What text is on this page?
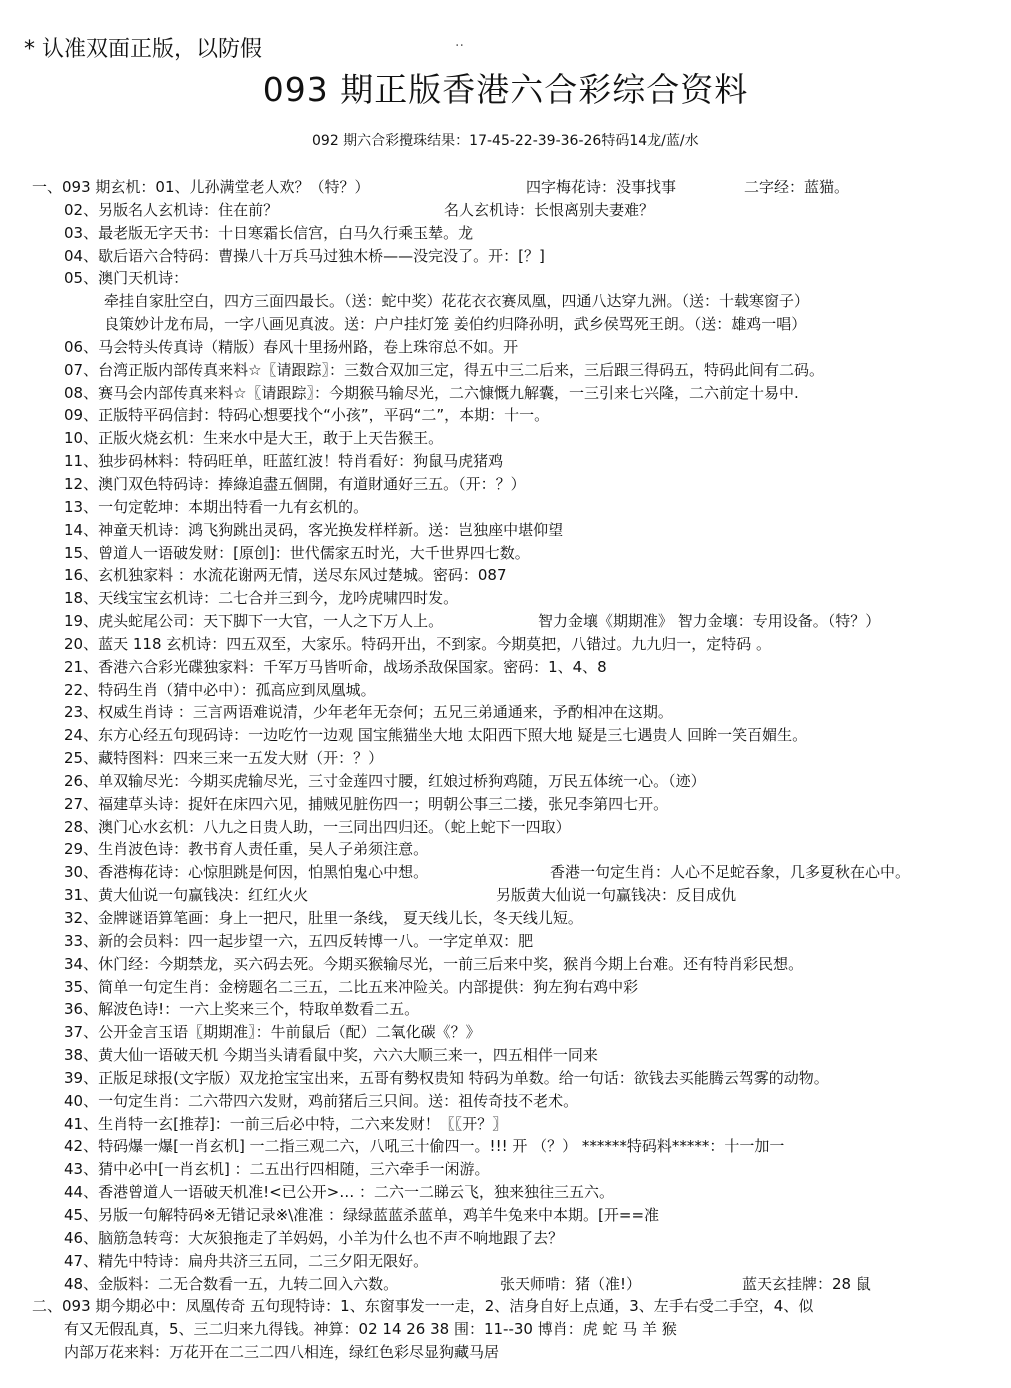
* 认准双面正版，以防假	··
093 期正版香港六合彩综合资料
092 期六合彩攪珠结果：17-45-22-39-36-26特码14龙/蓝/水
一、093 期玄机：01、儿孙满堂老人欢？（特？）	四字梅花诗：没事找事	二字经：蓝猫。
02、另版名人玄机诗：住在前？	名人玄机诗：长恨离别夫妻难？
03、最老版无字天书：十日寒霜长信宫，白马久行乘玉辇。龙
04、歇后语六合特码：曹操八十万兵马过独木桥——没完没了。开：[？]
05、澳门天机诗：
牵挂自家肚空白，四方三面四最长。（送：蛇中奖）花花衣衣赛凤凰，四通八达穿九洲。（送：十载寒窗子）
良策妙计龙布局，一字八画见真波。送：户户挂灯笼 姜伯约归降孙明，武乡侯骂死王朗。（送：雄鸡一唱）
06、马会特头传真诗（精版）春风十里扬州路，卷上珠帘总不如。开
07、台湾正版内部传真来料☆〖请跟踪〗：三数合双加三定，得五中三二后来，三后跟三得码五，特码此间有二码。
08、赛马会内部传真来料☆〖请跟踪〗：今期猴马输尽光，二六慷慨九解囊，一三引来七兴隆，二六前定十易中.
09、正版特平码信封：特码心想要找个“小孩”，平码“二”，本期：十一。
10、正版火烧玄机：生来水中是大王，敢于上天告猴王。
11、独步码林料：特码旺单，旺蓝红波！特肖看好：狗鼠马虎猪鸡
12、澳门双色特码诗：捧綠追盡五個開，有道財通好三五。（开：？）
13、一句定乾坤：本期出特看一九有玄机的。
14、神童天机诗：鸿飞狗跳出灵码，客光换发样样新。送：岂独座中堪仰望
15、曾道人一语破发财：[原创]：世代儒家五时光，大千世界四七数。
16、玄机独家料 ：水流花谢两无情，送尽东风过楚城。密码：087
18、天线宝宝玄机诗：二七合并三到今，龙吟虎啸四时发。
19、虎头蛇尾公司：天下脚下一大官，一人之下万人上。	智力金壤《期期准》 智力金壤：专用设备。（特？）
20、蓝天 118 玄机诗：四五双至，大家乐。特码开出，不到家。今期莫把，八错过。九九归一，定特码 。
21、香港六合彩光碟独家料：千军万马皆听命，战场杀敌保国家。密码：1、4、8
22、特码生肖（猜中必中）：孤高应到凤凰城。
23、权威生肖诗 ：三言两语难说清，少年老年无奈何；五兄三弟通通来，予酌相冲在这期。
24、东方心经五句现码诗：一边吃竹一边观 国宝熊猫坐大地 太阳西下照大地 疑是三七遇贵人 回眸一笑百媚生。
25、藏特图料：四来三来一五发大财（开：？）
26、单双输尽光：今期买虎输尽光，三寸金莲四寸腰，红娘过桥狗鸡随，万民五体统一心。（迹）
27、福建草头诗：捉奸在床四六见，捕贼见脏伤四一；明朝公事三二搂，张兄李第四七开。
28、澳门心水玄机：八九之日贵人助，一三同出四归还。（蛇上蛇下一四取）
29、生肖波色诗：教书育人责任重，吴人子弟须注意。
30、香港梅花诗：心惊胆跳是何因，怕黑怕鬼心中想。	香港一句定生肖：人心不足蛇吞象，几多夏秋在心中。
31、黄大仙说一句赢钱决：红红火火	另版黄大仙说一句赢钱决：反目成仇
32、金牌谜语算笔画：身上一把尺，肚里一条线， 夏天线儿长，冬天线儿短。
33、新的会员料：四一起步望一六，五四反转博一八。一字定单双：肥
34、休门经：今期禁龙，买六码去死。今期买猴输尽光，一前三后来中奖，猴肖今期上台难。还有特肖彩民想。
35、简单一句定生肖：金榜题名二三五，二比五来冲险关。内部提供：狗左狗右鸡中彩
36、解波色诗!：一六上奖来三个，特取单数看二五。
37、公开金言玉语〖期期准〗：牛前鼠后（配）二氧化碳《？》
38、黄大仙一语破天机 今期当头请看鼠中奖，六六大顺三来一，四五相伴一同来
39、正版足球报(文字版）双龙抢宝宝出来，五哥有勢权贵知 特码为单数。给一句话：欲钱去买能腾云驾雾的动物。
40、一句定生肖：二六带四六发财，鸡前猪后三只间。送：祖传奇技不老术。
41、生肖特一玄[推荐]：一前三后必中特，二六来发财！〖〖开？〗
42、特码爆一爆[一肖玄机] 一二指三观二六，八吼三十偷四一。!!! 开 （？） ******特码料*****：十一加一
43、猜中必中[一肖玄机] ：二五出行四相随，三六牵手一闲游。
44、香港曾道人一语破天机准!<已公开>… ：二六一二睇云飞，独来独往三五六。
45、另版一句解特码※无错记录※\准准 ：绿绿蓝蓝杀蓝单，鸡羊牛兔来中本期。[开==准
46、脑筋急转弯：大灰狼拖走了羊妈妈，小羊为什么也不声不响地跟了去？
47、精先中特诗：扁舟共济三五同，二三夕阳无限好。
48、金版料：二无合数看一五，九转二回入六数。	张天师啃：猪（准!）	蓝天玄挂牌：28 鼠
二、093 期今期必中：凤凰传奇 五句现特诗：1、东窗事发一一走，2、洁身自好上点通，3、左手右受二手空，4、似
有又无假乱真，5、三二归来九得钱。神算：02 14 26 38 围：11--30 博肖：虎 蛇 马 羊 猴
内部万花来料：万花开在二三二四八相连，绿红色彩尽显狗藏马居
